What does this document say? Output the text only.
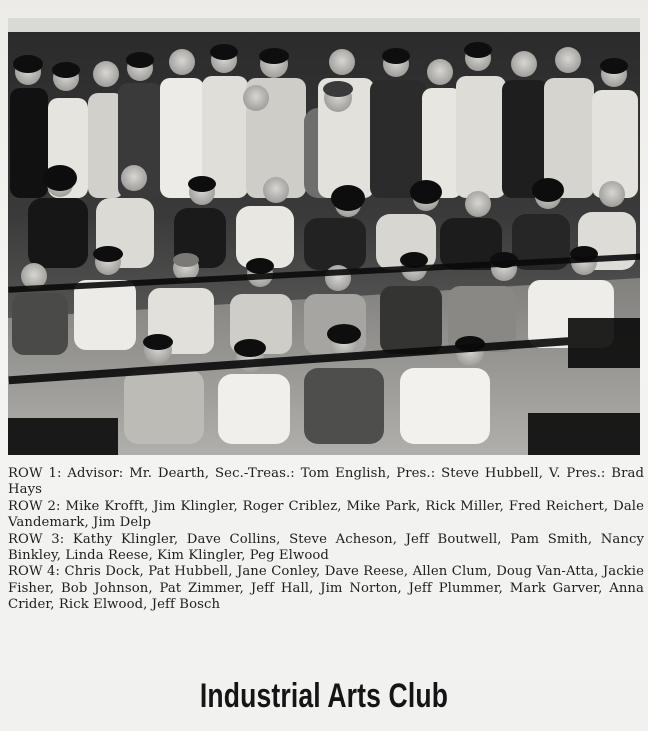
ROW 1: Advisor: Mr. Dearth, Sec.-Treas.: Tom English, Pres.: Steve Hubbell, V. Pres.: Brad Hays

ROW 2: Mike Krofft, Jim Klingler, Roger Criblez, Mike Park, Rick Miller, Fred Reichert, Dale Vandemark, Jim Delp

ROW 3: Kathy Klingler, Dave Collins, Steve Acheson, Jeff Boutwell, Pam Smith, Nancy Binkley, Linda Reese, Kim Klingler, Peg Elwood

ROW 4: Chris Dock, Pat Hubbell, Jane Conley, Dave Reese, Allen Clum, Doug Van-Atta, Jackie Fisher, Bob Johnson, Pat Zimmer, Jeff Hall, Jim Norton, Jeff Plummer, Mark Garver, Anna Crider, Rick Elwood, Jeff Bosch

Industrial Arts Club
